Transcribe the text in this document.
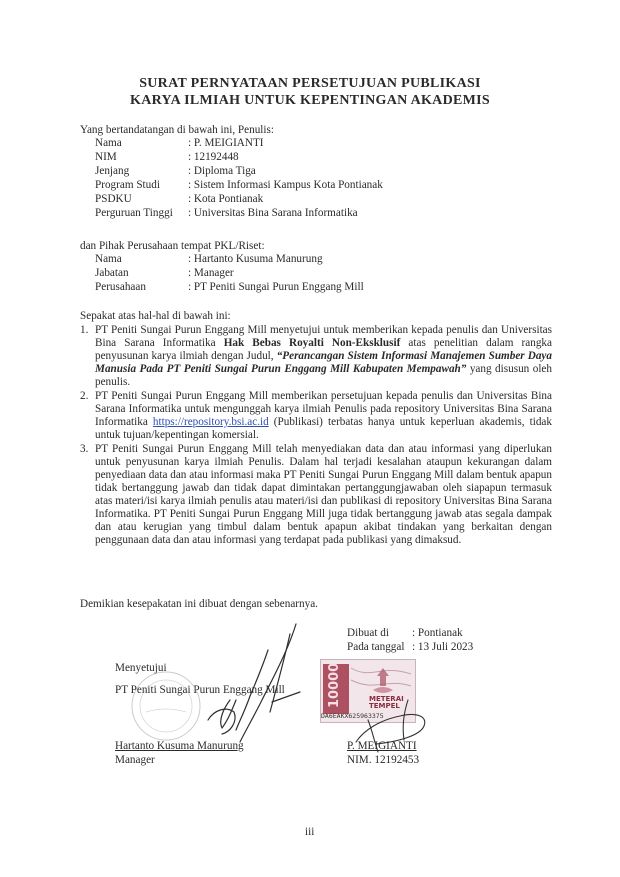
SURAT PERNYATAAN PERSETUJUAN PUBLIKASI
KARYA ILMIAH UNTUK KEPENTINGAN AKADEMIS
Yang bertandatangan di bawah ini, Penulis:
Nama	: P. MEIGIANTI
NIM	: 12192448
Jenjang	: Diploma Tiga
Program Studi	: Sistem Informasi Kampus Kota Pontianak
PSDKU	: Kota Pontianak
Perguruan Tinggi : Universitas Bina Sarana Informatika
dan Pihak Perusahaan tempat PKL/Riset:
Nama	: Hartanto Kusuma Manurung
Jabatan	: Manager
Perusahaan	: PT Peniti Sungai Purun Enggang Mill
Sepakat atas hal-hal di bawah ini:
1. PT Peniti Sungai Purun Enggang Mill menyetujui untuk memberikan kepada penulis dan Universitas Bina Sarana Informatika Hak Bebas Royalti Non-Eksklusif atas penelitian dalam rangka penyusunan karya ilmiah dengan Judul, “Perancangan Sistem Informasi Manajemen Sumber Daya Manusia Pada PT Peniti Sungai Purun Enggang Mill Kabupaten Mempawah” yang disusun oleh penulis.
2. PT Peniti Sungai Purun Enggang Mill memberikan persetujuan kepada penulis dan Universitas Bina Sarana Informatika untuk mengunggah karya ilmiah Penulis pada repository Universitas Bina Sarana Informatika https://repository.bsi.ac.id (Publikasi) terbatas hanya untuk keperluan akademis, tidak untuk tujuan/kepentingan komersial.
3. PT Peniti Sungai Purun Enggang Mill telah menyediakan data dan atau informasi yang diperlukan untuk penyusunan karya ilmiah Penulis. Dalam hal terjadi kesalahan ataupun kekurangan dalam penyediaan data dan atau informasi maka PT Peniti Sungai Purun Enggang Mill dalam bentuk apapun tidak bertanggung jawab dan tidak dapat dimintakan pertanggungjawaban oleh siapapun termasuk atas materi/isi karya ilmiah penulis atau materi/isi dan publikasi di repository Universitas Bina Sarana Informatika. PT Peniti Sungai Purun Enggang Mill juga tidak bertanggung jawab atas segala dampak dan atau kerugian yang timbul dalam bentuk apapun akibat tindakan yang berkaitan dengan penggunaan data dan atau informasi yang terdapat pada publikasi yang dimaksud.
Demikian kesepakatan ini dibuat dengan sebenarnya.
Dibuat di : Pontianak
Pada tanggal : 13 Juli 2023
Menyetujui
PT Peniti Sungai Purun Enggang Mill	10000	METERAI TEMPEL
DA6EAKX625963375
Hartanto Kusuma Manurung
Manager
P. MEIGIANTI
NIM. 12192453
iii
